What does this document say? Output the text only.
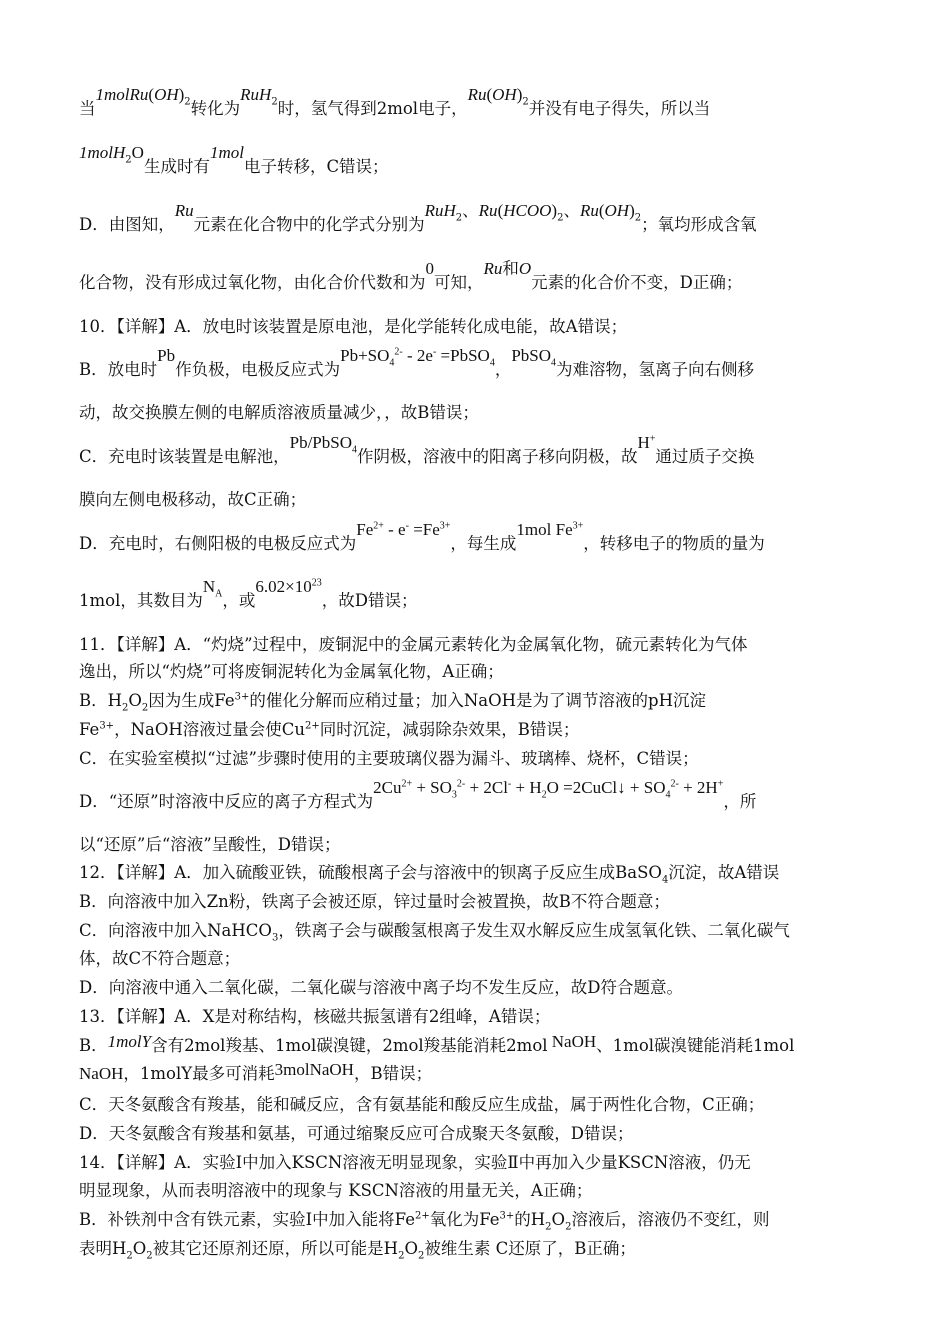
当$1molRu(OH)_2$转化为RuH$_2$时，氢气得到2mol电子，$Ru(OH)_2$并没有电子得失，所以当
1molH$_2$O生成时有1mol电子转移，C错误；
D．由图知，Ru元素在化合物中的化学式分别为RuH$_2$、$Ru(HCOO)_2$、$Ru(OH)_2$；氧均形成含氧
化合物，没有形成过氧化物，由化合价代数和为0可知，Ru和O元素的化合价不变，D正确；
10．【详解】A．放电时该装置是原电池，是化学能转化成电能，故A错误；
B．放电时Pb作负极，电极反应式为$Pb+SO_4^{2-} - 2e^-$ =PbSO$_4$，PbSO$_4$为难溶物，氢离子向右侧移
动，故交换膜左侧的电解质溶液质量减少，，故B错误；
C．充电时该装置是电解池，Pb/PbSO$_4$作阴极，溶液中的阳离子移向阴极，故H+通过质子交换
膜向左侧电极移动，故C正确；
D．充电时，右侧阳极的电极反应式为$Fe^{2+} - e^- =Fe^{3+}$，每生成1mol $Fe^{3+}$，转移电子的物质的量为
1mol，其数目为$N_A$，或$6.02\times 10^{23}$，故D错误；
11．【详解】A．“灼烧”过程中，废铜泥中的金属元素转化为金属氧化物，硫元素转化为气体
逸出，所以“灼烧”可将废铜泥转化为金属氧化物，A正确；
B．$H_2O_2$因为生成$Fe^{3+}$的催化分解而应稍过量；加入NaOH是为了调节溶液的pH沉淀
$Fe^{3+}$，NaOH溶液过量会使$Cu^{2+}$同时沉淀，减弱除杂效果，B错误；
C．在实验室模拟“过滤”步骤时使用的主要玻璃仪器为漏斗、玻璃棒、烧杯，C错误；
D．“还原”时溶液中反应的离子方程式为$2Cu^{2+} + SO_3^{2-} + 2Cl^- + H_2O$ =2CuCl↓ + $SO_4^{2-} + 2H^+$，所
以“还原”后“溶液”呈酸性，D错误；
12．【详解】A．加入硫酸亚铁，硫酸根离子会与溶液中的钡离子反应生成BaSO$_4$沉淀，故A错误
B．向溶液中加入Zn粉，铁离子会被还原，锌过量时会被置换，故B不符合题意；
C．向溶液中加入NaHCO$_3$，铁离子会与碳酸氢根离子发生双水解反应生成氢氧化铁、二氧化碳气
体，故C不符合题意；
D．向溶液中通入二氧化碳，二氧化碳与溶液中离子均不发生反应，故D符合题意。
13．【详解】A．X是对称结构，核磁共振氢谱有2组峰，A错误；
B．1molY含有2mol羧基、1mol碳溴键，2mol羧基能消耗2mol NaOH、1mol碳溴键能消耗1mol
NaOH，1molY最多可消耗3molNaOH，B错误；
C．天冬氨酸含有羧基，能和碱反应，含有氨基能和酸反应生成盐，属于两性化合物，C正确；
D．天冬氨酸含有羧基和氨基，可通过缩聚反应可合成聚天冬氨酸，D错误；
14．【详解】A．实验Ⅰ中加入KSCN溶液无明显现象，实验Ⅱ中再加入少量KSCN溶液，仍无
明显现象，从而表明溶液中的现象与 KSCN溶液的用量无关，A正确；
B．补铁剂中含有铁元素，实验Ⅰ中加入能将$Fe^{2+}$氧化为$Fe^{3+}$的$H_2O_2$溶液后，溶液仍不变红，则
表明$H_2O_2$被其它还原剂还原，所以可能是$H_2O_2$被维生素 C还原了，B正确；
